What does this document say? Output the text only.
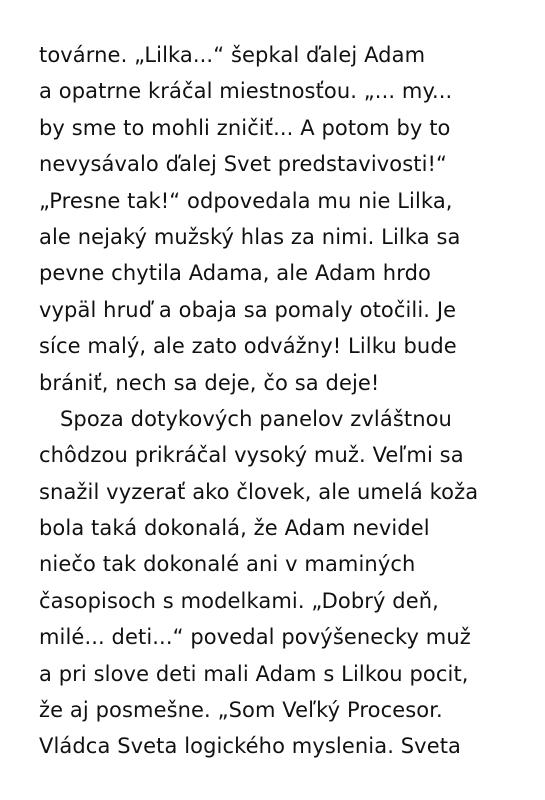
továrne. „Lilka...“ šepkal ďalej Adam
a opatrne kráčal miestnosťou. „... my...
by sme to mohli zničiť... A potom by to
nevysávalo ďalej Svet predstavivosti!“
„Presne tak!“ odpovedala mu nie Lilka,
ale nejaký mužský hlas za nimi. Lilka sa
pevne chytila Adama, ale Adam hrdo
vypäl hruď a obaja sa pomaly otočili. Je
síce malý, ale zato odvážny! Lilku bude
brániť, nech sa deje, čo sa deje!
Spoza dotykových panelov zvláštnou
chôdzou prikráčal vysoký muž. Veľmi sa
snažil vyzerať ako človek, ale umelá koža
bola taká dokonalá, že Adam nevidel
niečo tak dokonalé ani v maminých
časopisoch s modelkami. „Dobrý deň,
milé... deti...“ povedal povýšenecky muž
a pri slove deti mali Adam s Lilkou pocit,
že aj posmešne. „Som Veľký Procesor.
Vládca Sveta logického myslenia. Sveta
